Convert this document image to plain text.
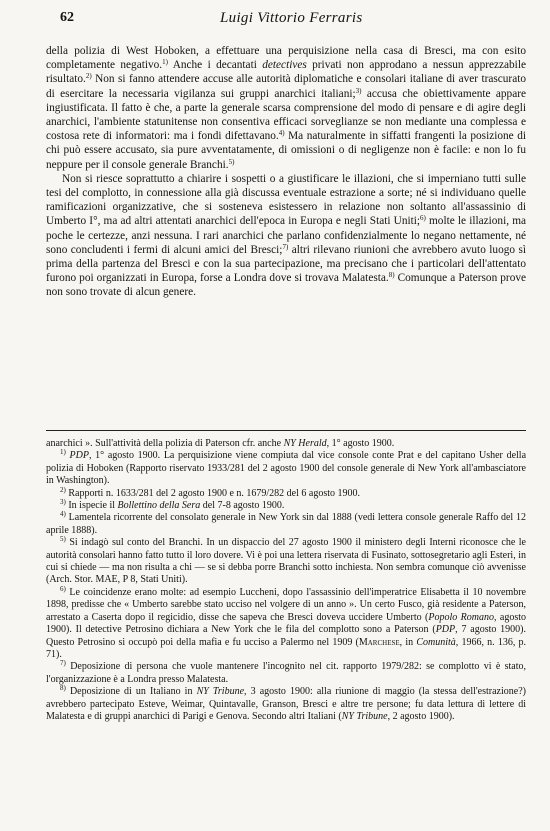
62	Luigi Vittorio Ferraris

della polizia di West Hoboken, a effettuare una perquisizione nella casa di Bresci, ma con esito completamente negativo.$^{1)}$ Anche i decantati detectives privati non approdano a nessun apprezzabile risultato.$^{2)}$ Non si fanno attendere accuse alle autorità diplomatiche e consolari italiane di aver trascurato di esercitare la necessaria vigilanza sui gruppi anarchici italiani;$^{3)}$ accusa che obiettivamente appare ingiustificata. Il fatto è che, a parte la generale scarsa comprensione del modo di pensare e di agire degli anarchici, l'ambiente statunitense non consentiva efficaci sorveglianze se non mediante una complessa e costosa rete di informatori: ma i fondi difettavano.$^{4)}$ Ma naturalmente in siffatti frangenti la posizione di chi può essere accusato, sia pure avventatamente, di omissioni o di negligenze non è facile: e non lo fu neppure per il console generale Branchi.$^{5)}$

Non si riesce soprattutto a chiarire i sospetti o a giustificare le illazioni, che si imperniano tutti sulle tesi del complotto, in connessione alla già discussa eventuale estrazione a sorte; né si individuano quelle ramificazioni organizzative, che si sosteneva esistessero in relazione non soltanto all'assassinio di Umberto I°, ma ad altri attentati anarchici dell'epoca in Europa e negli Stati Uniti;$^{6)}$ molte le illazioni, ma poche le certezze, anzi nessuna. I rari anarchici che parlano confidenzialmente lo negano nettamente, né sono concludenti i fermi di alcuni amici del Bresci;$^{7)}$ altri rilevano riunioni che avrebbero avuto luogo sì prima della partenza del Bresci e con la sua partecipazione, ma precisano che i particolari dell'attentato furono poi organizzati in Europa, forse a Londra dove si trovava Malatesta.$^{8)}$ Comunque a Paterson prove non sono trovate di alcun genere.

anarchici ». Sull'attività della polizia di Paterson cfr. anche NY Herald, 1° agosto 1900.

$^{1)}$ PDP, 1° agosto 1900. La perquisizione viene compiuta dal vice console conte Prat e del capitano Usher della polizia di Hoboken (Rapporto riservato 1933/281 del 2 agosto 1900 del console generale di New York all'ambasciatore in Washington).

$^{2)}$ Rapporti n. 1633/281 del 2 agosto 1900 e n. 1679/282 del 6 agosto 1900.

$^{3)}$ In ispecie il Bollettino della Sera del 7-8 agosto 1900.

$^{4)}$ Lamentela ricorrente del consolato generale in New York sin dal 1888 (vedi lettera console generale Raffo del 12 aprile 1888).

$^{5)}$ Si indagò sul conto del Branchi. In un dispaccio del 27 agosto 1900 il ministero degli Interni riconosce che le autorità consolari hanno fatto tutto il loro dovere. Vi è poi una lettera riservata di Fusinato, sottosegretario agli Esteri, in cui si chiede — ma non risulta a chi — se si debba porre Branchi sotto inchiesta. Non sembra comunque ciò avvenisse (Arch. Stor. MAE, P 8, Stati Uniti).

$^{6)}$ Le coincidenze erano molte: ad esempio Luccheni, dopo l'assassinio dell'imperatrice Elisabetta il 10 novembre 1898, predisse che « Umberto sarebbe stato ucciso nel volgere di un anno ». Un certo Fusco, già residente a Paterson, arrestato a Caserta dopo il regicidio, disse che sapeva che Bresci doveva uccidere Umberto (Popolo Romano, agosto 1900). Il detective Petrosino dichiara a New York che le fila del complotto sono a Paterson (PDP, 7 agosto 1900). Questo Petrosino si occupò poi della mafia e fu ucciso a Palermo nel 1909 (Marchese, in Comunità, 1966, n. 136, p. 71).

$^{7)}$ Deposizione di persona che vuole mantenere l'incognito nel cit. rapporto 1979/282: se complotto vi è stato, l'organizzazione è a Londra presso Malatesta.

$^{8)}$ Deposizione di un Italiano in NY Tribune, 3 agosto 1900: alla riunione di maggio (la stessa dell'estrazione?) avrebbero partecipato Esteve, Weimar, Quintavalle, Granson, Bresci e altre tre persone; fu data lettura di lettere di Malatesta e di gruppi anarchici di Parigi e Genova. Secondo altri Italiani (NY Tribune, 2 agosto 1900).
